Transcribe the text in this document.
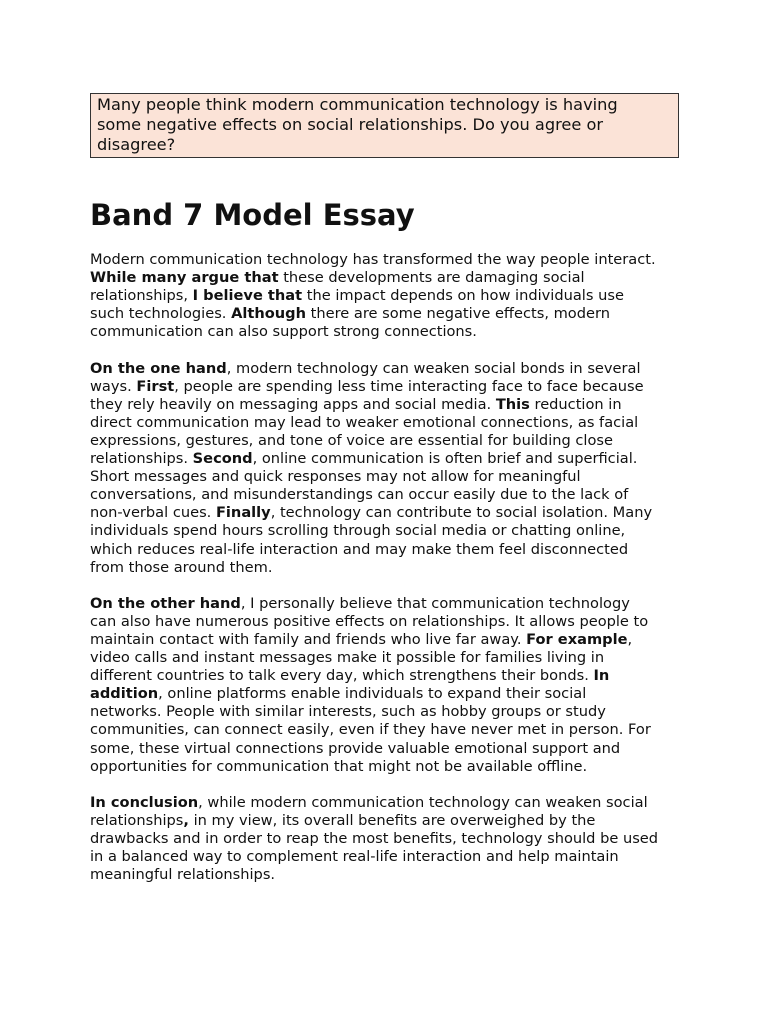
Many people think modern communication technology is having
some negative effects on social relationships. Do you agree or
disagree?
Band 7 Model Essay
Modern communication technology has transformed the way people interact.
While many argue that these developments are damaging social
relationships, I believe that the impact depends on how individuals use
such technologies. Although there are some negative effects, modern
communication can also support strong connections.
On the one hand, modern technology can weaken social bonds in several
ways. First, people are spending less time interacting face to face because
they rely heavily on messaging apps and social media. This reduction in
direct communication may lead to weaker emotional connections, as facial
expressions, gestures, and tone of voice are essential for building close
relationships. Second, online communication is often brief and superficial.
Short messages and quick responses may not allow for meaningful
conversations, and misunderstandings can occur easily due to the lack of
non-verbal cues. Finally, technology can contribute to social isolation. Many
individuals spend hours scrolling through social media or chatting online,
which reduces real-life interaction and may make them feel disconnected
from those around them.
On the other hand, I personally believe that communication technology
can also have numerous positive effects on relationships. It allows people to
maintain contact with family and friends who live far away. For example,
video calls and instant messages make it possible for families living in
different countries to talk every day, which strengthens their bonds. In
addition, online platforms enable individuals to expand their social
networks. People with similar interests, such as hobby groups or study
communities, can connect easily, even if they have never met in person. For
some, these virtual connections provide valuable emotional support and
opportunities for communication that might not be available offline.
In conclusion, while modern communication technology can weaken social
relationships, in my view, its overall benefits are overweighed by the
drawbacks and in order to reap the most benefits, technology should be used
in a balanced way to complement real-life interaction and help maintain
meaningful relationships.
